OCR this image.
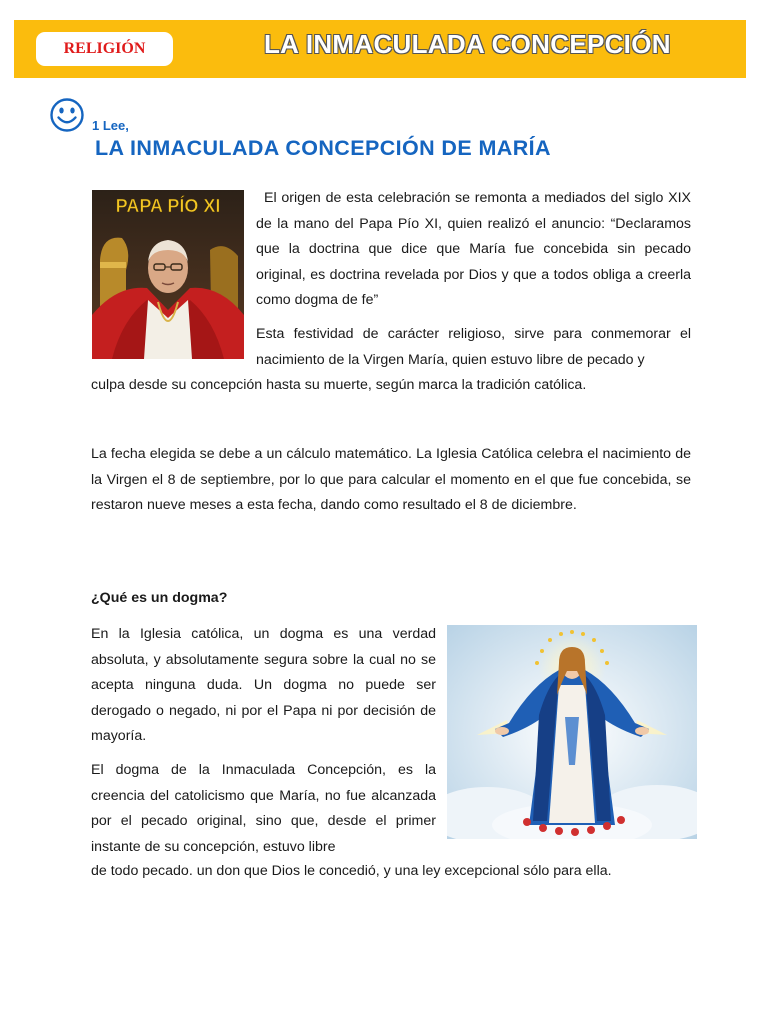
RELIGIÓN	LA INMACULADA CONCEPCIÓN
1 Lee,
LA INMACULADA CONCEPCIÓN DE MARÍA
PAPA PÍO XI	El origen de esta celebración se remonta a mediados del siglo XIX de la mano del Papa Pío XI, quien realizó el anuncio: “Declaramos que la doctrina que dice que María fue concebida sin pecado original, es doctrina revelada por Dios y que a todos obliga a creerla como dogma de fe”

Esta festividad de carácter religioso, sirve para conmemorar el nacimiento de la Virgen María, quien estuvo libre de pecado y

culpa desde su concepción hasta su muerte, según marca la tradición católica.

La fecha elegida se debe a un cálculo matemático. La Iglesia Católica celebra el nacimiento de la Virgen el 8 de septiembre, por lo que para calcular el momento en el que fue concebida, se restaron nueve meses a esta fecha, dando como resultado el 8 de diciembre.

¿Qué es un dogma?

En la Iglesia católica, un dogma es una verdad absoluta, y absolutamente segura sobre la cual no se acepta ninguna duda. Un dogma no puede ser derogado o negado, ni por el Papa ni por decisión de mayoría.

El dogma de la Inmaculada Concepción, es la creencia del catolicismo que María, no fue alcanzada por el pecado original, sino que, desde el primer instante de su concepción, estuvo libre

de todo pecado. un don que Dios le concedió, y una ley excepcional sólo para ella.
